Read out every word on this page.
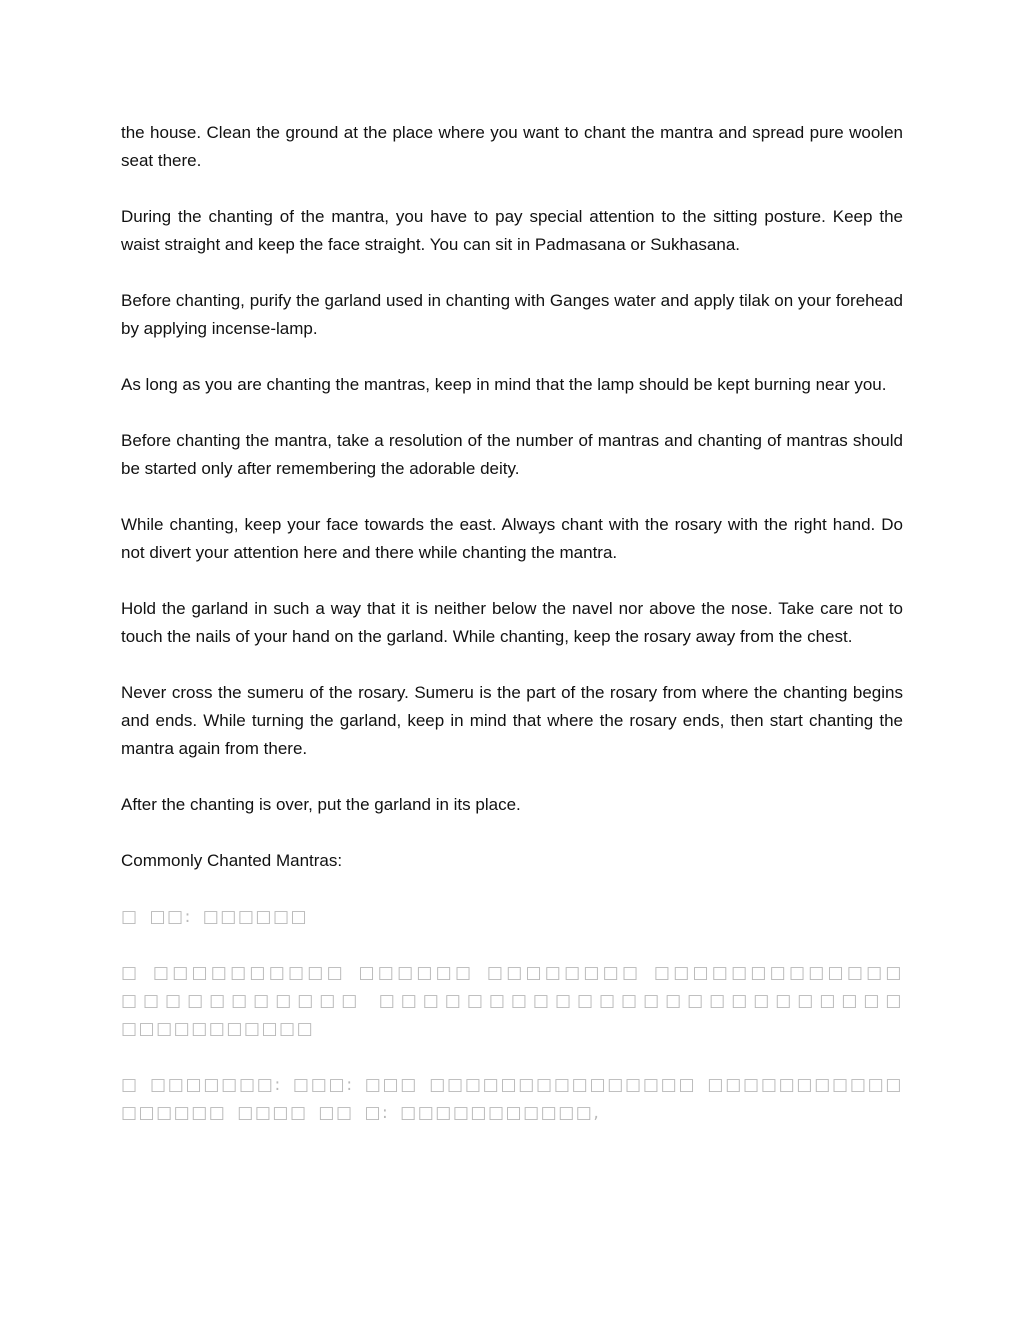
the house. Clean the ground at the place where you want to chant the mantra and spread pure woolen seat there.

During the chanting of the mantra, you have to pay special attention to the sitting posture. Keep the waist straight and keep the face straight. You can sit in Padmasana or Sukhasana.

Before chanting, purify the garland used in chanting with Ganges water and apply tilak on your forehead by applying incense-lamp.

As long as you are chanting the mantras, keep in mind that the lamp should be kept burning near you.

Before chanting the mantra, take a resolution of the number of mantras and chanting of mantras should be started only after remembering the adorable deity.

While chanting, keep your face towards the east. Always chant with the rosary with the right hand. Do not divert your attention here and there while chanting the mantra.

Hold the garland in such a way that it is neither below the navel nor above the nose. Take care not to touch the nails of your hand on the garland. While chanting, keep the rosary away from the chest.

Never cross the sumeru of the rosary. Sumeru is the part of the rosary from where the chanting begins and ends. While turning the garland, keep in mind that where the rosary ends, then start chanting the mantra again from there.

After the chanting is over, put the garland in its place.

Commonly Chanted Mantras:

□ □□: □□□□□□

□ □□□□□□□□□□ □□□□□□ □□□□□□□□ □□□□□□□□□□□□□ □□□□□□□□□□□ □□□□□□□□□□□□□□□□□□□□□□□□ □□□□□□□□□□□

□ □□□□□□□: □□□: □□□ □□□□□□□□□□□□□□□ □□□□□□□□□□□ □□□□□□ □□□□ □□ □: □□□□□□□□□□□,
